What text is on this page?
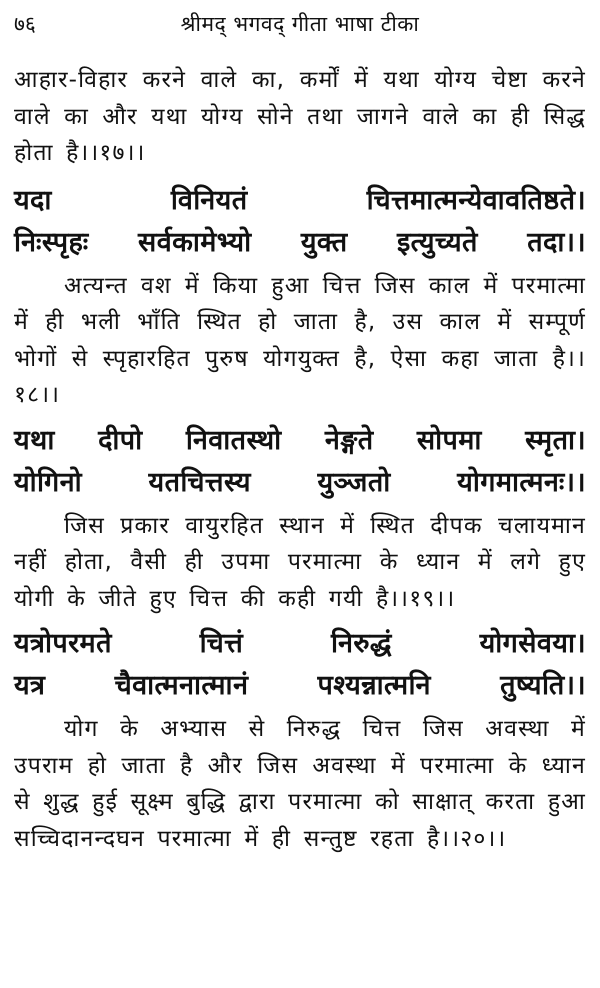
७६	श्रीमद् भगवद् गीता भाषा टीका

आहार-विहार करने वाले का, कर्मों में यथा योग्य चेष्टा करने वाले का और यथा योग्य सोने तथा जागने वाले का ही सिद्ध होता है।।१७।।

यदा विनियतं चित्तमात्मन्येवावतिष्ठते।
निःस्पृहः सर्वकामेभ्यो युक्त इत्युच्यते तदा।।

अत्यन्त वश में किया हुआ चित्त जिस काल में परमात्मा में ही भली भाँति स्थित हो जाता है, उस काल में सम्पूर्ण भोगों से स्पृहारहित पुरुष योगयुक्त है, ऐसा कहा जाता है।।१८।।

यथा दीपो निवातस्थो नेङ्गते सोपमा स्मृता।
योगिनो यतचित्तस्य युञ्जतो योगमात्मनः।।

जिस प्रकार वायुरहित स्थान में स्थित दीपक चलायमान नहीं होता, वैसी ही उपमा परमात्मा के ध्यान में लगे हुए योगी के जीते हुए चित्त की कही गयी है।।१९।।

यत्रोपरमते चित्तं निरुद्धं योगसेवया।
यत्र चैवात्मनात्मानं पश्यन्नात्मनि तुष्यति।।

योग के अभ्यास से निरुद्ध चित्त जिस अवस्था में उपराम हो जाता है और जिस अवस्था में परमात्मा के ध्यान से शुद्ध हुई सूक्ष्म बुद्धि द्वारा परमात्मा को साक्षात् करता हुआ सच्चिदानन्दघन परमात्मा में ही सन्तुष्ट रहता है।।२०।।
